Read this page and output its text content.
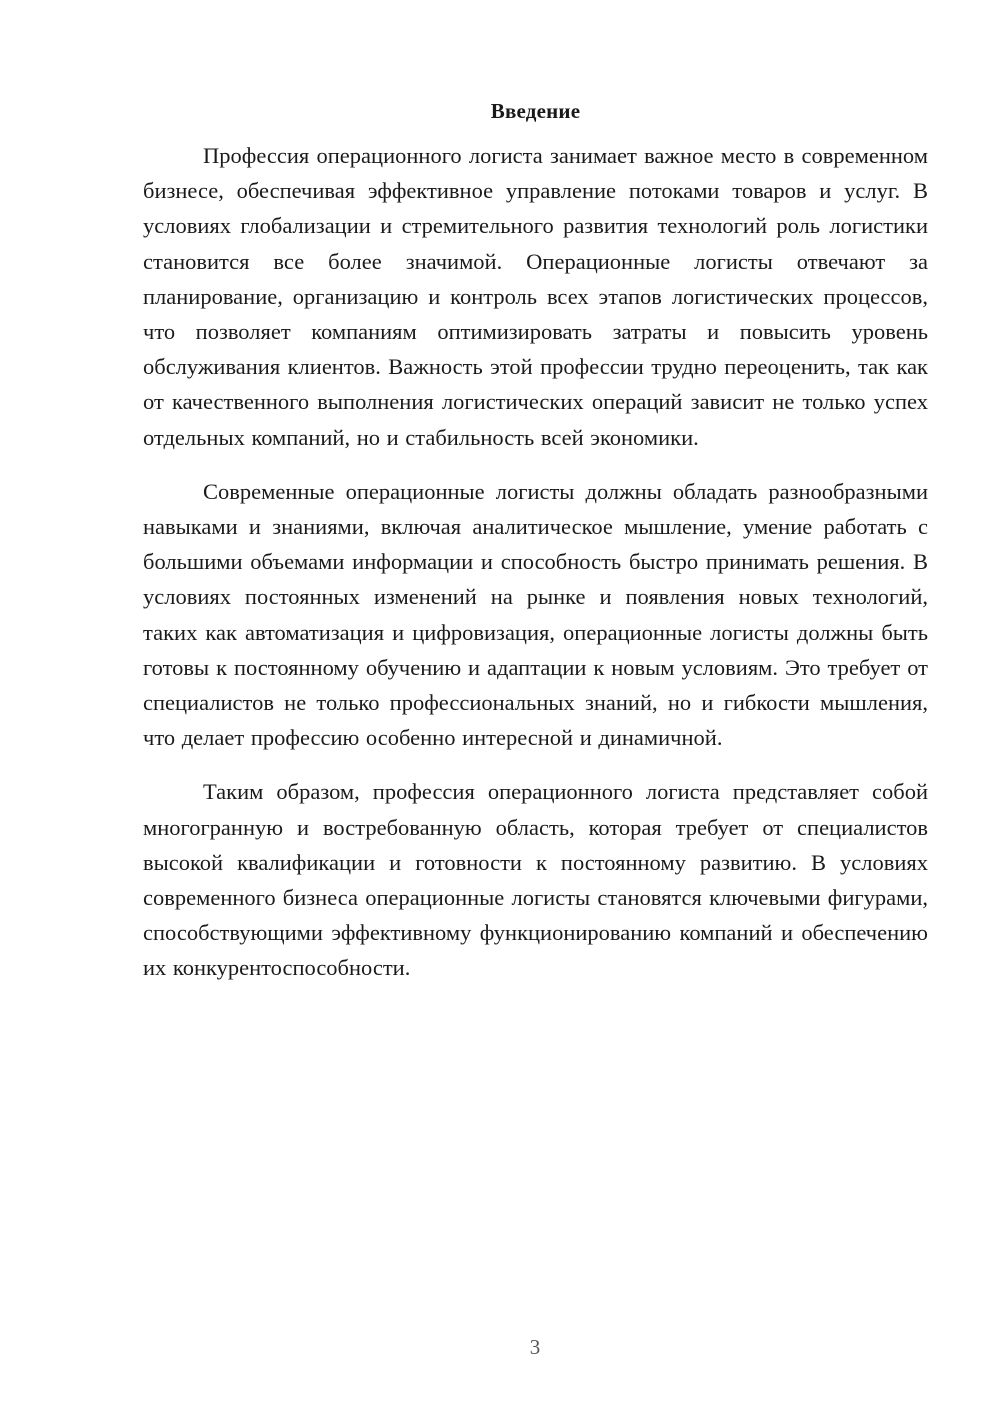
Введение

Профессия операционного логиста занимает важное место в современном бизнесе, обеспечивая эффективное управление потоками товаров и услуг. В условиях глобализации и стремительного развития технологий роль логистики становится все более значимой. Операционные логисты отвечают за планирование, организацию и контроль всех этапов логистических процессов, что позволяет компаниям оптимизировать затраты и повысить уровень обслуживания клиентов. Важность этой профессии трудно переоценить, так как от качественного выполнения логистических операций зависит не только успех отдельных компаний, но и стабильность всей экономики.

Современные операционные логисты должны обладать разнообразными навыками и знаниями, включая аналитическое мышление, умение работать с большими объемами информации и способность быстро принимать решения. В условиях постоянных изменений на рынке и появления новых технологий, таких как автоматизация и цифровизация, операционные логисты должны быть готовы к постоянному обучению и адаптации к новым условиям. Это требует от специалистов не только профессиональных знаний, но и гибкости мышления, что делает профессию особенно интересной и динамичной.

Таким образом, профессия операционного логиста представляет собой многогранную и востребованную область, которая требует от специалистов высокой квалификации и готовности к постоянному развитию. В условиях современного бизнеса операционные логисты становятся ключевыми фигурами, способствующими эффективному функционированию компаний и обеспечению их конкурентоспособности.

3
